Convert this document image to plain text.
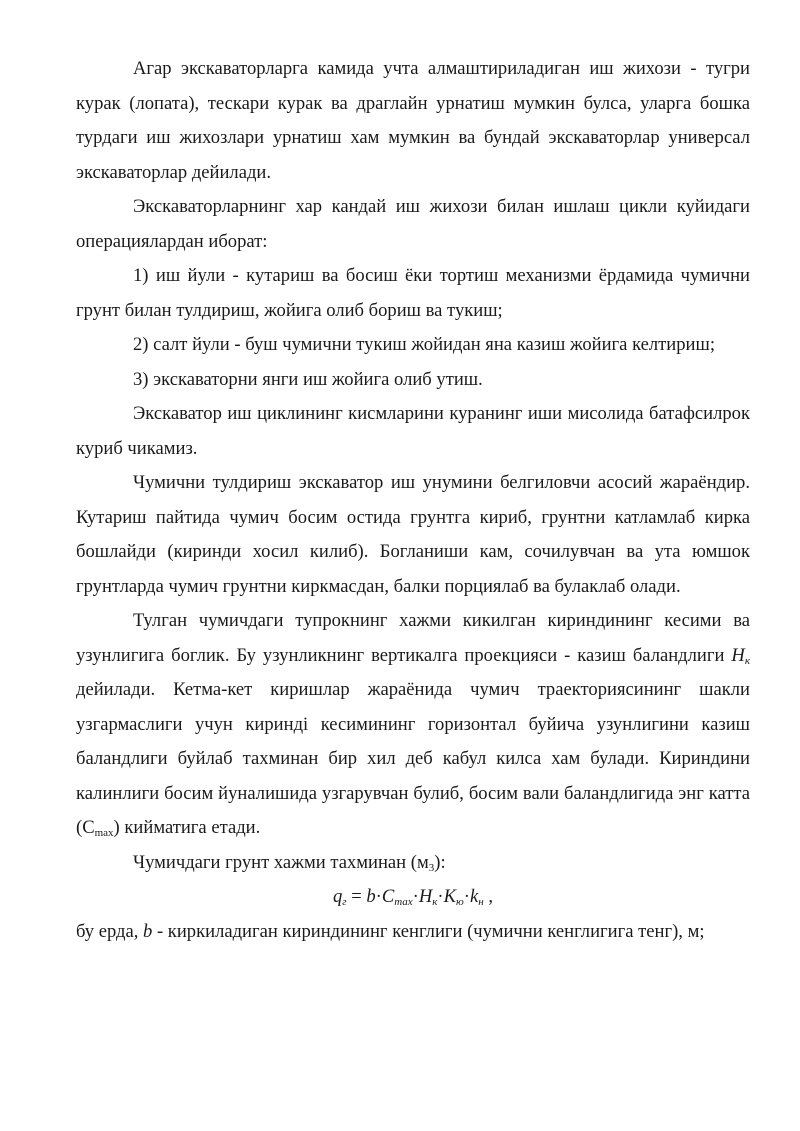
Агар экскаваторларга камида учта алмаштириладиган иш жихози - тугри курак (лопата), тескари курак ва драглайн урнатиш мумкин булса, уларга бошка турдаги иш жихозлари урнатиш хам мумкин ва бундай экскаваторлар универсал экскаваторлар дейилади.

Экскаваторларнинг хар кандай иш жихози билан ишлаш цикли куйидаги операциялардан иборат:

1) иш йули - кутариш ва босиш ёки тортиш механизми ёрдамида чумични грунт билан тулдириш, жойига олиб бориш ва тукиш;

2) салт йули - буш чумични тукиш жойидан яна казиш жойига келтириш;

3) экскаваторни янги иш жойига олиб утиш.

Экскаватор иш циклининг кисмларини куранинг иши мисолида батафсилрок куриб чикамиз.

Чумични тулдириш экскаватор иш унумини белгиловчи асосий жараёндир. Кутариш пайтида чумич босим остида грунтга кириб, грунтни катламлаб кирка бошлайди (киринди хосил килиб). Богланиши кам, сочилувчан ва ута юмшок грунтларда чумич грунтни киркмасдан, балки порциялаб ва булаклаб олади.

Тулган чумичдаги тупрокнинг хажми кикилган кириндининг кесими ва узунлигига боглик. Бу узунликнинг вертикалга проекцияси - казиш баландлиги $H_к$ дейилади. Кетма-кет киришлар жараёнида чумич траекториясининг шакли узгармаслиги учун кириндi кесимининг горизонтал буйича узунлигини казиш баландлиги буйлаб тахминан бир хил деб кабул килса хам булади. Кириндини калинлиги босим йуналишида узгарувчан булиб, босим вали баландлигида энг катта $(C_{max})$ кийматига етади.

Чумичдаги грунт хажми тахминан $(м_3)$:

$q_г = b\cdot C_{max}\cdot H_к\cdot K_ю\cdot k_н$ ,

бу ерда, b - киркиладиган кириндининг кенглиги (чумични кенглигига тенг), м;
